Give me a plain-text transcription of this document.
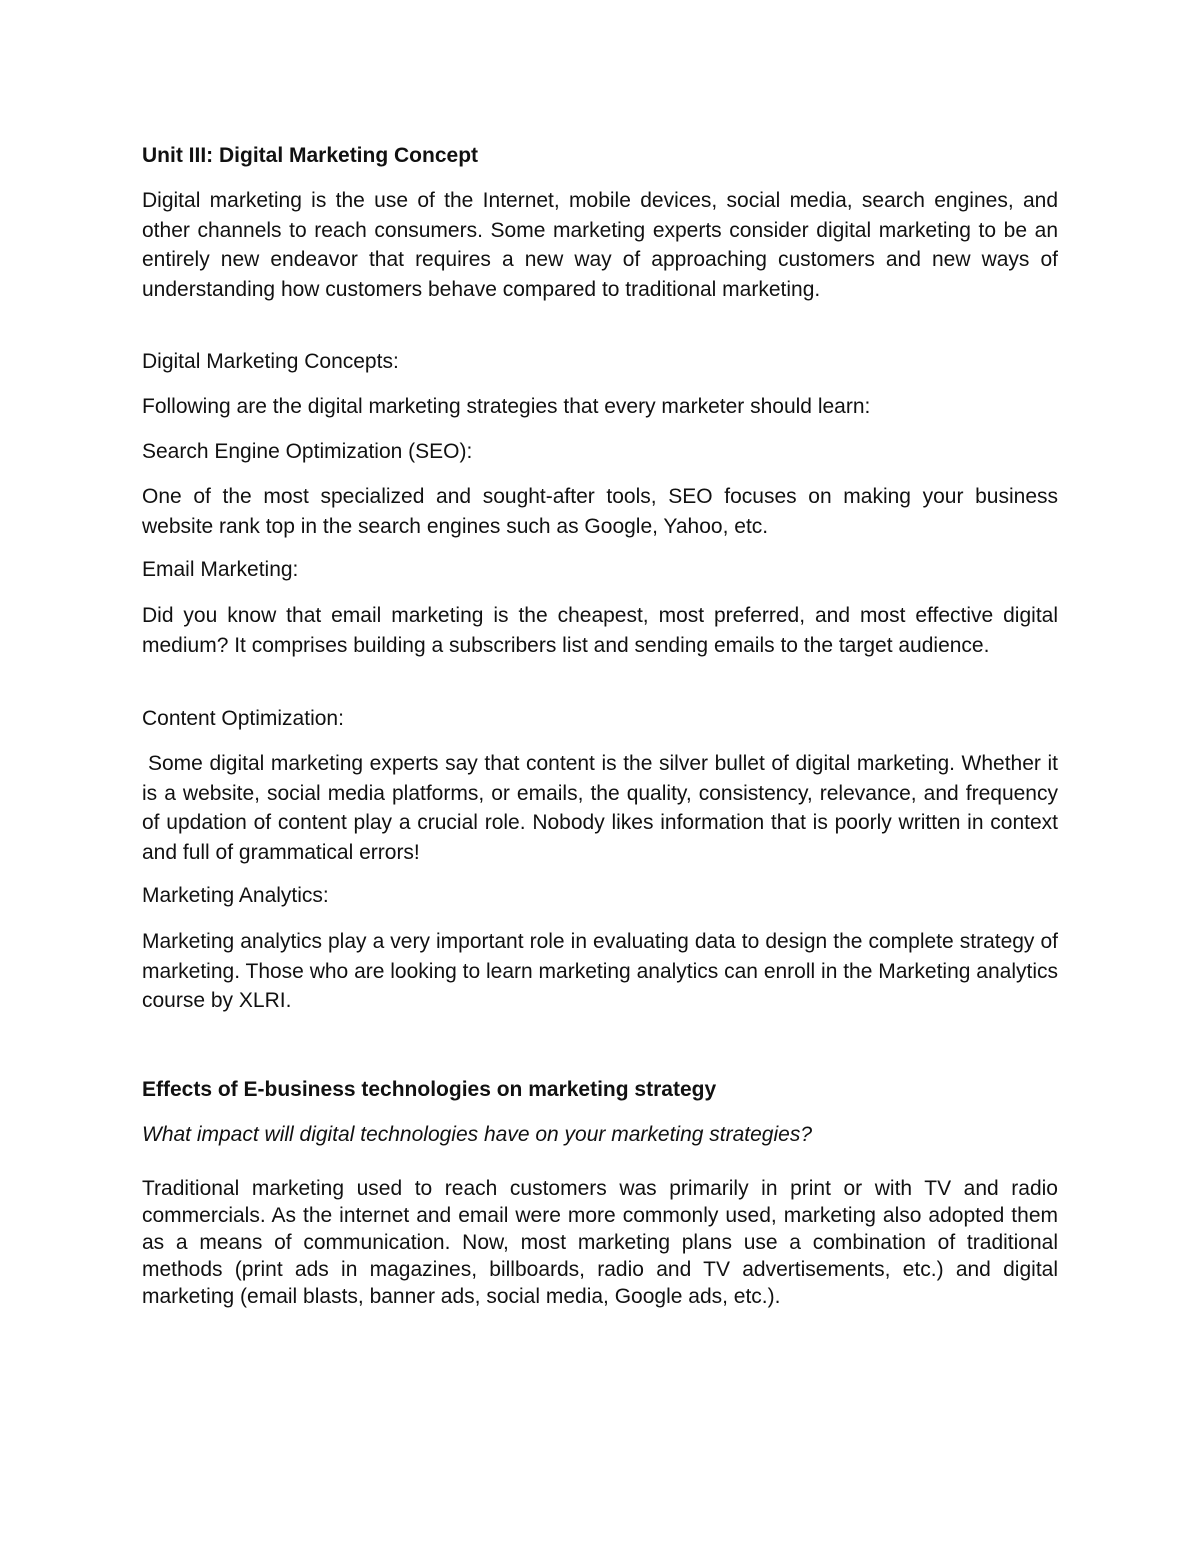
Unit III: Digital Marketing Concept

Digital marketing is the use of the Internet, mobile devices, social media, search engines, and other channels to reach consumers. Some marketing experts consider digital marketing to be an entirely new endeavor that requires a new way of approaching customers and new ways of understanding how customers behave compared to traditional marketing.

Digital Marketing Concepts:

Following are the digital marketing strategies that every marketer should learn:

Search Engine Optimization (SEO):

One of the most specialized and sought-after tools, SEO focuses on making your business website rank top in the search engines such as Google, Yahoo, etc.

Email Marketing:

Did you know that email marketing is the cheapest, most preferred, and most effective digital medium? It comprises building a subscribers list and sending emails to the target audience.

Content Optimization:

Some digital marketing experts say that content is the silver bullet of digital marketing. Whether it is a website, social media platforms, or emails, the quality, consistency, relevance, and frequency of updation of content play a crucial role. Nobody likes information that is poorly written in context and full of grammatical errors!

Marketing Analytics:

Marketing analytics play a very important role in evaluating data to design the complete strategy of marketing. Those who are looking to learn marketing analytics can enroll in the Marketing analytics course by XLRI.

Effects of E-business technologies on marketing strategy

What impact will digital technologies have on your marketing strategies?

Traditional marketing used to reach customers was primarily in print or with TV and radio commercials. As the internet and email were more commonly used, marketing also adopted them as a means of communication. Now, most marketing plans use a combination of traditional methods (print ads in magazines, billboards, radio and TV advertisements, etc.) and digital marketing (email blasts, banner ads, social media, Google ads, etc.).
